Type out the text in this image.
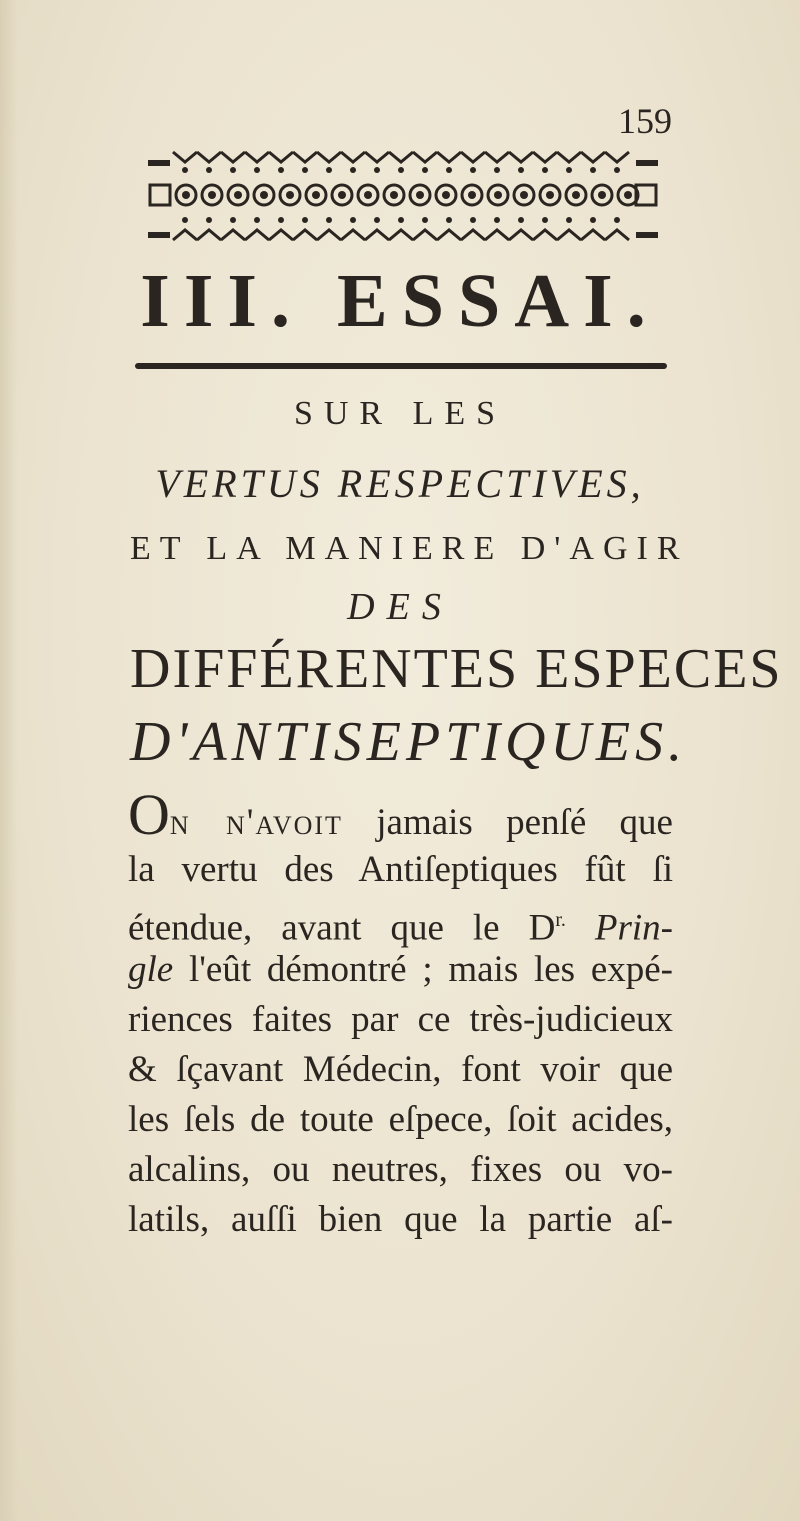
159
III. ESSAI.
SUR LES
VERTUS RESPECTIVES,
ET LA MANIERE D'AGIR
DES
DIFFÉRENTES ESPECES
D'ANTISEPTIQUES.
On n'avoit jamais penſé que
la vertu des Antiſeptiques fût ſi
étendue, avant que le $D^{r.}$ Prin-
gle l'eût démontré ; mais les expé-
riences faites par ce très-judicieux
& ſçavant Médecin, font voir que
les ſels de toute eſpece, ſoit acides,
alcalins, ou neutres, fixes ou vo-
latils, auſſi bien que la partie aſ-
